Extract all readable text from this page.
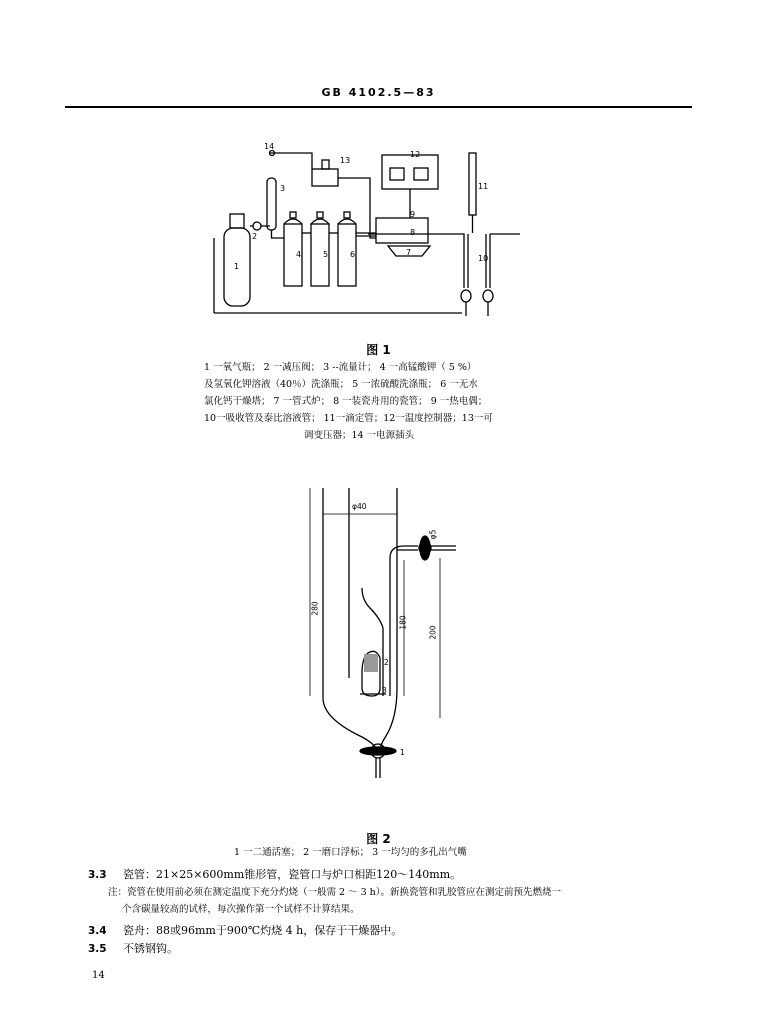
GB 4102.5—83
14
13
12
3	11
2
9
8
7
4	5	6	10
1
图 1
1 一氧气瓶； 2 一减压阀； 3 --流量计； 4 一高锰酸钾（ 5 %）
及氢氧化钾溶液（40％）洗涤瓶； 5 一浓硫酸洗涤瓶； 6 一无水
氯化钙干燥塔； 7 一管式炉； 8 一装瓷舟用的瓷管； 9 一热电偶；
10一吸收管及泰比溶液管； 11一滴定管；12一温度控制器；13一可
调变压器；14 一电源插头
φ40
φ5
280
180
200
2
3
1
图 2
1 一二通活塞； 2 一磨口浮标； 3 一均匀的多孔出气嘴
3.3 瓷管：21×25×600mm锥形管，瓷管口与炉口相距120～140mm。
注：瓷管在使用前必须在测定温度下充分灼烧（一般需 2 ～ 3 h）。新换瓷管和乳胶管应在测定前预先燃烧一
个含碳量较高的试样，每次操作第一个试样不计算结果。
3.4 瓷舟：88或96mm于900℃灼烧 4 h，保存于干燥器中。
3.5 不锈钢钩。
14
